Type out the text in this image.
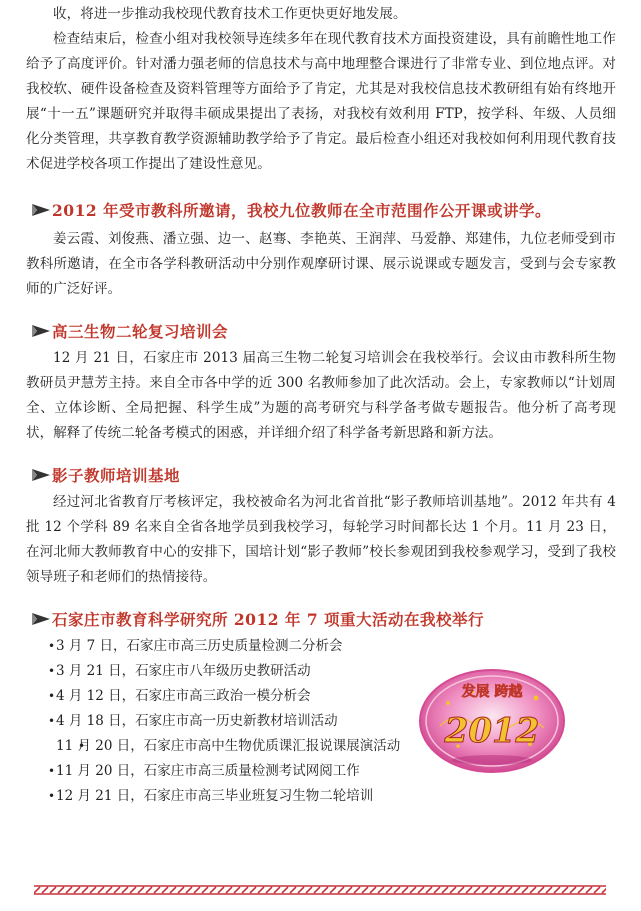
收，将进一步推动我校现代教育技术工作更快更好地发展。

检查结束后，检查小组对我校领导连续多年在现代教育技术方面投资建设，具有前瞻性地工作给予了高度评价。针对潘力强老师的信息技术与高中地理整合课进行了非常专业、到位地点评。对我校软、硬件设备检查及资料管理等方面给予了肯定，尤其是对我校信息技术教研组有始有终地开展“十一五”课题研究并取得丰硕成果提出了表扬，对我校有效利用 FTP，按学科、年级、人员细化分类管理，共享教育教学资源辅助教学给予了肯定。最后检查小组还对我校如何利用现代教育技术促进学校各项工作提出了建设性意见。

2012 年受市教科所邀请，我校九位教师在全市范围作公开课或讲学。

姜云霞、刘俊燕、潘立强、边一、赵骞、李艳英、王润萍、马爱静、郑建伟，九位老师受到市教科所邀请，在全市各学科教研活动中分别作观摩研讨课、展示说课或专题发言，受到与会专家教师的广泛好评。

高三生物二轮复习培训会

12 月 21 日，石家庄市 2013 届高三生物二轮复习培训会在我校举行。会议由市教科所生物教研员尹慧芳主持。来自全市各中学的近 300 名教师参加了此次活动。会上，专家教师以“计划周全、立体诊断、全局把握、科学生成”为题的高考研究与科学备考做专题报告。他分析了高考现状，解释了传统二轮备考模式的困惑，并详细介绍了科学备考新思路和新方法。

影子教师培训基地

经过河北省教育厅考核评定，我校被命名为河北省首批“影子教师培训基地”。2012 年共有 4 批 12 个学科 89 名来自全省各地学员到我校学习，每轮学习时间都长达 1 个月。11 月 23 日，在河北师大教师教育中心的安排下，国培计划“影子教师”校长参观团到我校参观学习，受到了我校领导班子和老师们的热情接待。

石家庄市教育科学研究所 2012 年 7 项重大活动在我校举行
• 3 月 7 日，石家庄市高三历史质量检测二分析会
• 3 月 21 日，石家庄市八年级历史教研活动
• 4 月 12 日，石家庄市高三政治一模分析会
• 4 月 18 日，石家庄市高一历史新教材培训活动
• 11 月 20 日，石家庄市高中生物优质课汇报说课展演活动
• 11 月 20 日，石家庄市高三质量检测考试网阅工作
• 12 月 21 日，石家庄市高三毕业班复习生物二轮培训
发展 跨越
2012
